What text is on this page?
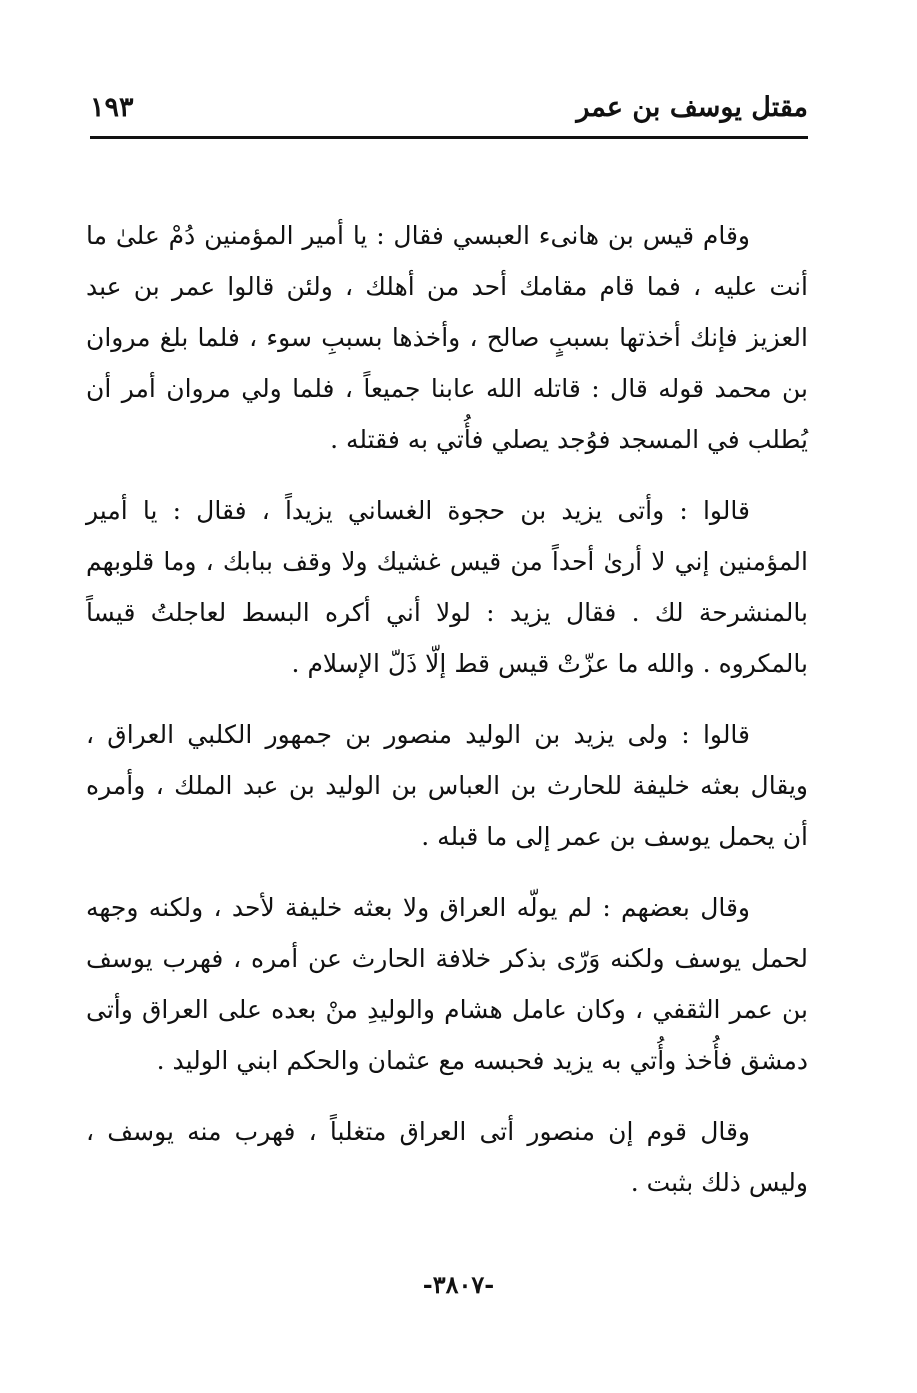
مقتل يوسف بن عمر
١٩٣

وقام قيس بن هانىء العبسي فقال : يا أمير المؤمنين دُمْ علىٰ ما أنت عليه ، فما قام مقامك أحد من أهلك ، ولئن قالوا عمر بن عبد العزيز فإنك أخذتها بسببٍ صالح ، وأخذها بسببِ سوء ، فلما بلغ مروان بن محمد قوله قال : قاتله الله عابنا جميعاً ، فلما ولي مروان أمر أن يُطلب في المسجد فوُجد يصلي فأُتي به فقتله .

قالوا : وأتى يزيد بن حجوة الغساني يزيداً ، فقال : يا أمير المؤمنين إني لا أرىٰ أحداً من قيس غشيك ولا وقف ببابك ، وما قلوبهم بالمنشرحة لك . فقال يزيد : لولا أني أكره البسط لعاجلتُ قيساً بالمكروه . والله ما عزّتْ قيس قط إلّا ذَلّ الإسلام .

قالوا : ولى يزيد بن الوليد منصور بن جمهور الكلبي العراق ، ويقال بعثه خليفة للحارث بن العباس بن الوليد بن عبد الملك ، وأمره أن يحمل يوسف بن عمر إلى ما قبله .

وقال بعضهم : لم يولّه العراق ولا بعثه خليفة لأحد ، ولكنه وجهه لحمل يوسف ولكنه وَرّى بذكر خلافة الحارث عن أمره ، فهرب يوسف بن عمر الثقفي ، وكان عامل هشام والوليدِ منْ بعده على العراق وأتى دمشق فأُخذ وأُتي به يزيد فحبسه مع عثمان والحكم ابني الوليد .

وقال قوم إن منصور أتى العراق متغلباً ، فهرب منه يوسف ، وليس ذلك بثبت .

-٣٨٠٧-
